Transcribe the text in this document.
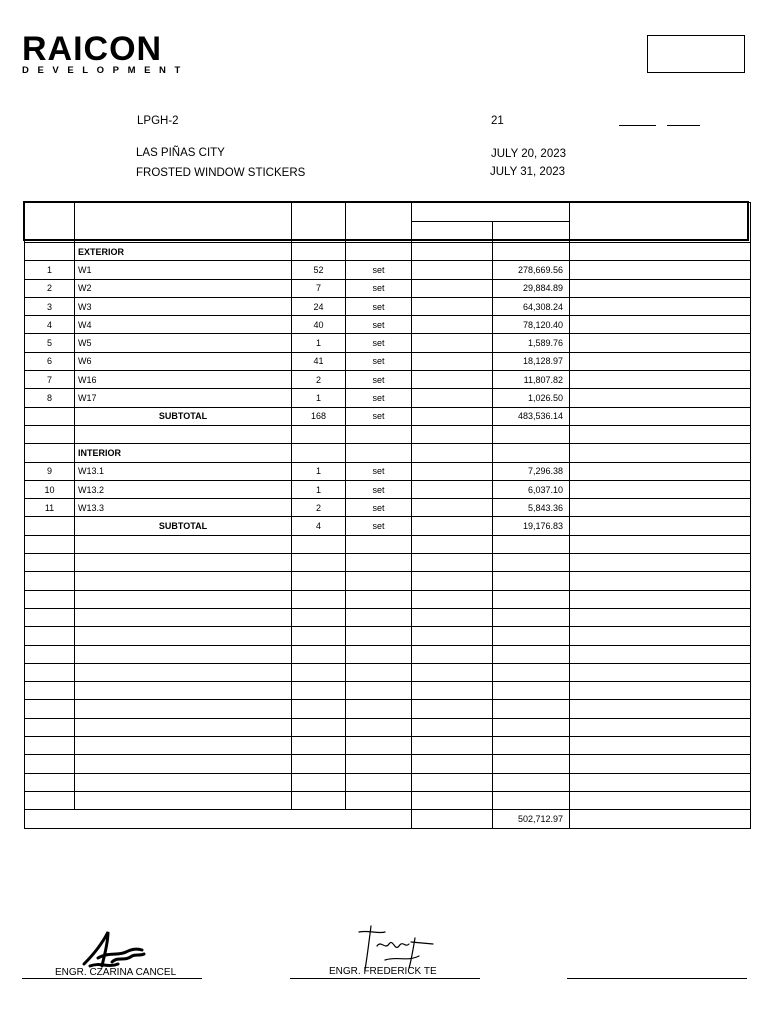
RAICON
DEVELOPMENT
LPGH-2	21
LAS PIÑAS CITY	JULY 20, 2023
FROSTED WINDOW STICKERS	JULY 31, 2023

	EXTERIOR					
1	W1	52	set		278,669.56	
2	W2	7	set		29,884.89	
3	W3	24	set		64,308.24	
4	W4	40	set		78,120.40	
5	W5	1	set		1,589.76	
6	W6	41	set		18,128.97	
7	W16	2	set		11,807.82	
8	W17	1	set		1,026.50	
	SUBTOTAL	168	set		483,536.14	

	INTERIOR					
9	W13.1	1	set		7,296.38	
10	W13.2	1	set		6,037.10	
11	W13.3	2	set		5,843.36	
	SUBTOTAL	4	set		19,176.83	

					502,712.97	
ENGR. CZARINA CANCEL	ENGR. FREDERICK TE
